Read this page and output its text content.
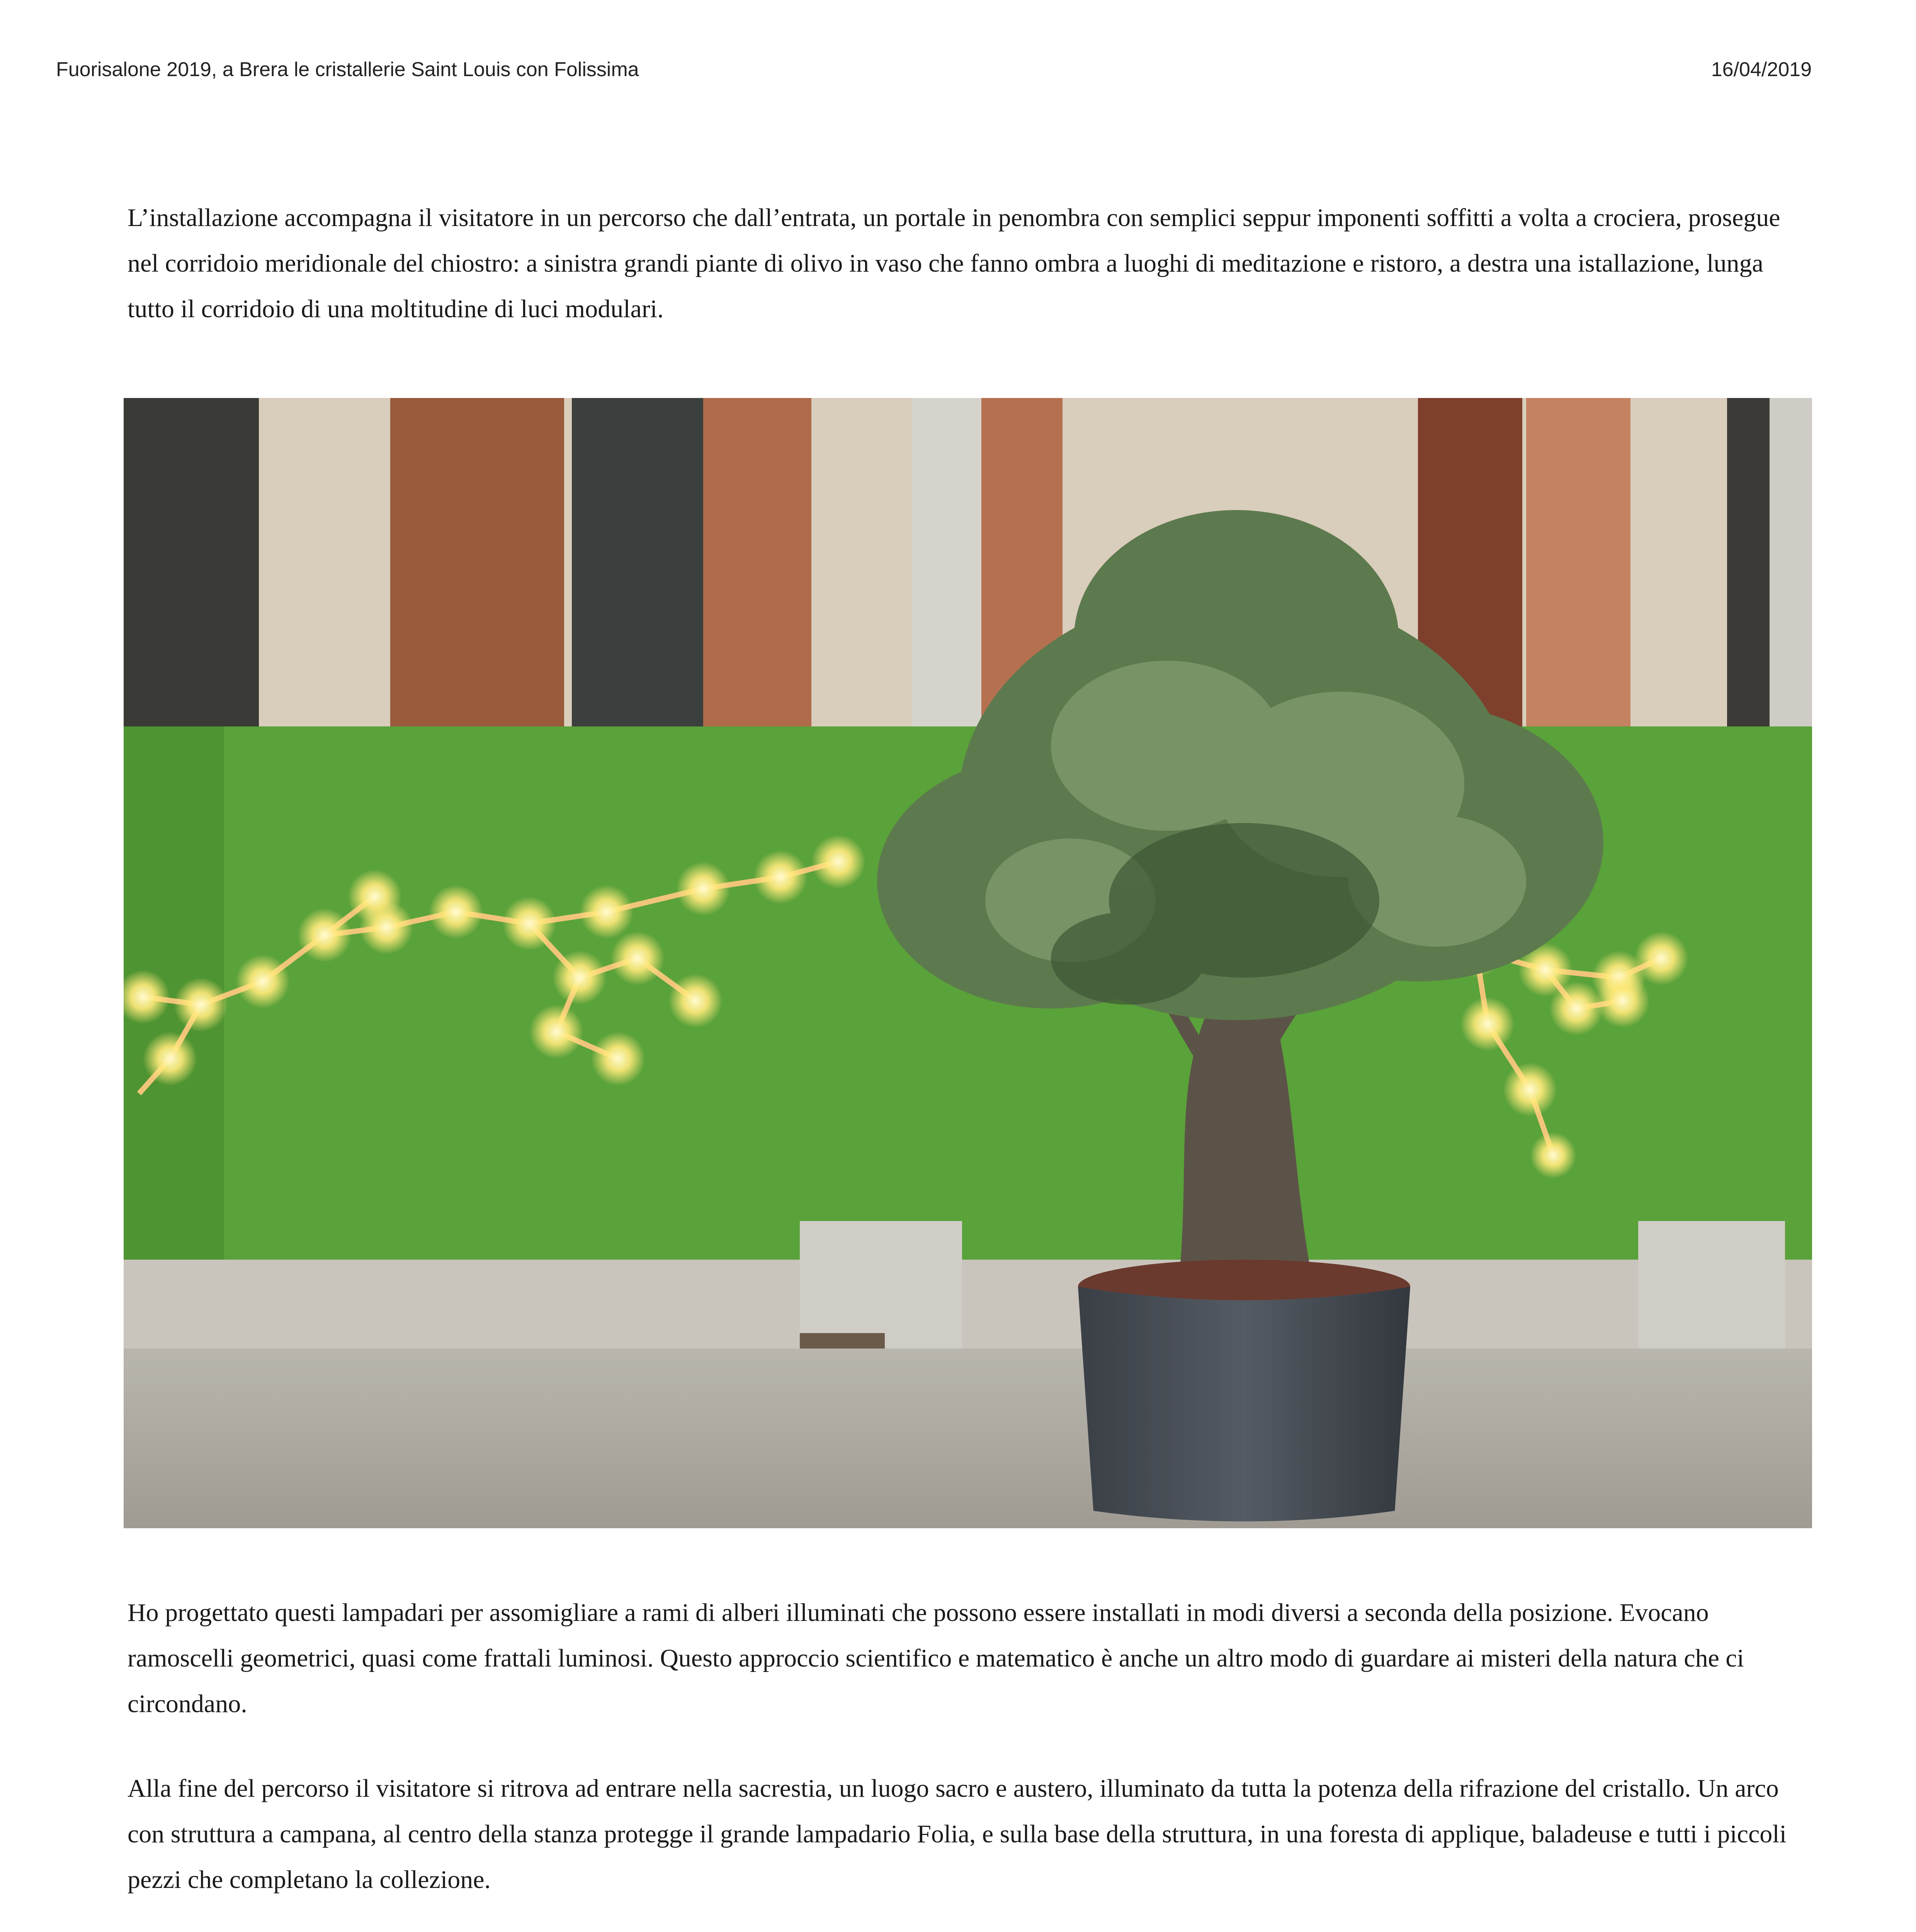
Fuorisalone 2019, a Brera le cristallerie Saint Louis con Folissima	16/04/2019

L’installazione accompagna il visitatore in un percorso che dall’entrata, un portale in penombra con semplici seppur imponenti soffitti a volta a crociera, prosegue nel corridoio meridionale del chiostro: a sinistra grandi piante di olivo in vaso che fanno ombra a luoghi di meditazione e ristoro, a destra una istallazione, lunga tutto il corridoio di una moltitudine di luci modulari.

Ho progettato questi lampadari per assomigliare a rami di alberi illuminati che possono essere installati in modi diversi a seconda della posizione. Evocano ramoscelli geometrici, quasi come frattali luminosi. Questo approccio scientifico e matematico è anche un altro modo di guardare ai misteri della natura che ci circondano.

Alla fine del percorso il visitatore si ritrova ad entrare nella sacrestia, un luogo sacro e austero, illuminato da tutta la potenza della rifrazione del cristallo. Un arco con struttura a campana, al centro della stanza protegge il grande lampadario Folia, e sulla base della struttura, in una foresta di applique, baladeuse e tutti i piccoli pezzi che completano la collezione.
